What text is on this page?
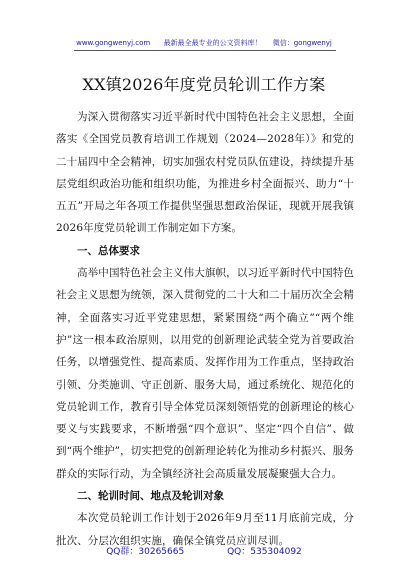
www.gongwenyj.com 最新最全最专业的公文资料库！ 微信：gongwenyj
XX镇2026年度党员轮训工作方案

为深入贯彻落实习近平新时代中国特色社会主义思想，全面落实《全国党员教育培训工作规划（2024—2028年）》和党的二十届四中全会精神，切实加强农村党员队伍建设，持续提升基层党组织政治功能和组织功能，为推进乡村全面振兴、助力“十五五”开局之年各项工作提供坚强思想政治保证，现就开展我镇2026年度党员轮训工作制定如下方案。

一、总体要求

高举中国特色社会主义伟大旗帜，以习近平新时代中国特色社会主义思想为统领，深入贯彻党的二十大和二十届历次全会精神，全面落实习近平党建思想，紧紧围绕“两个确立”“两个维护”这一根本政治原则，以用党的创新理论武装全党为首要政治任务，以增强党性、提高素质、发挥作用为工作重点，坚持政治引领、分类施训、守正创新、服务大局，通过系统化、规范化的党员轮训工作，教育引导全体党员深刻领悟党的创新理论的核心要义与实践要求，不断增强“四个意识”、坚定“四个自信”、做到“两个维护”，切实把党的创新理论转化为推动乡村振兴、服务群众的实际行动，为全镇经济社会高质量发展凝聚强大合力。

二、轮训时间、地点及轮训对象

本次党员轮训工作计划于2026年9月至11月底前完成，分批次、分层次组织实施，确保全镇党员应训尽训。

QQ群：30265665	QQ：535304092
